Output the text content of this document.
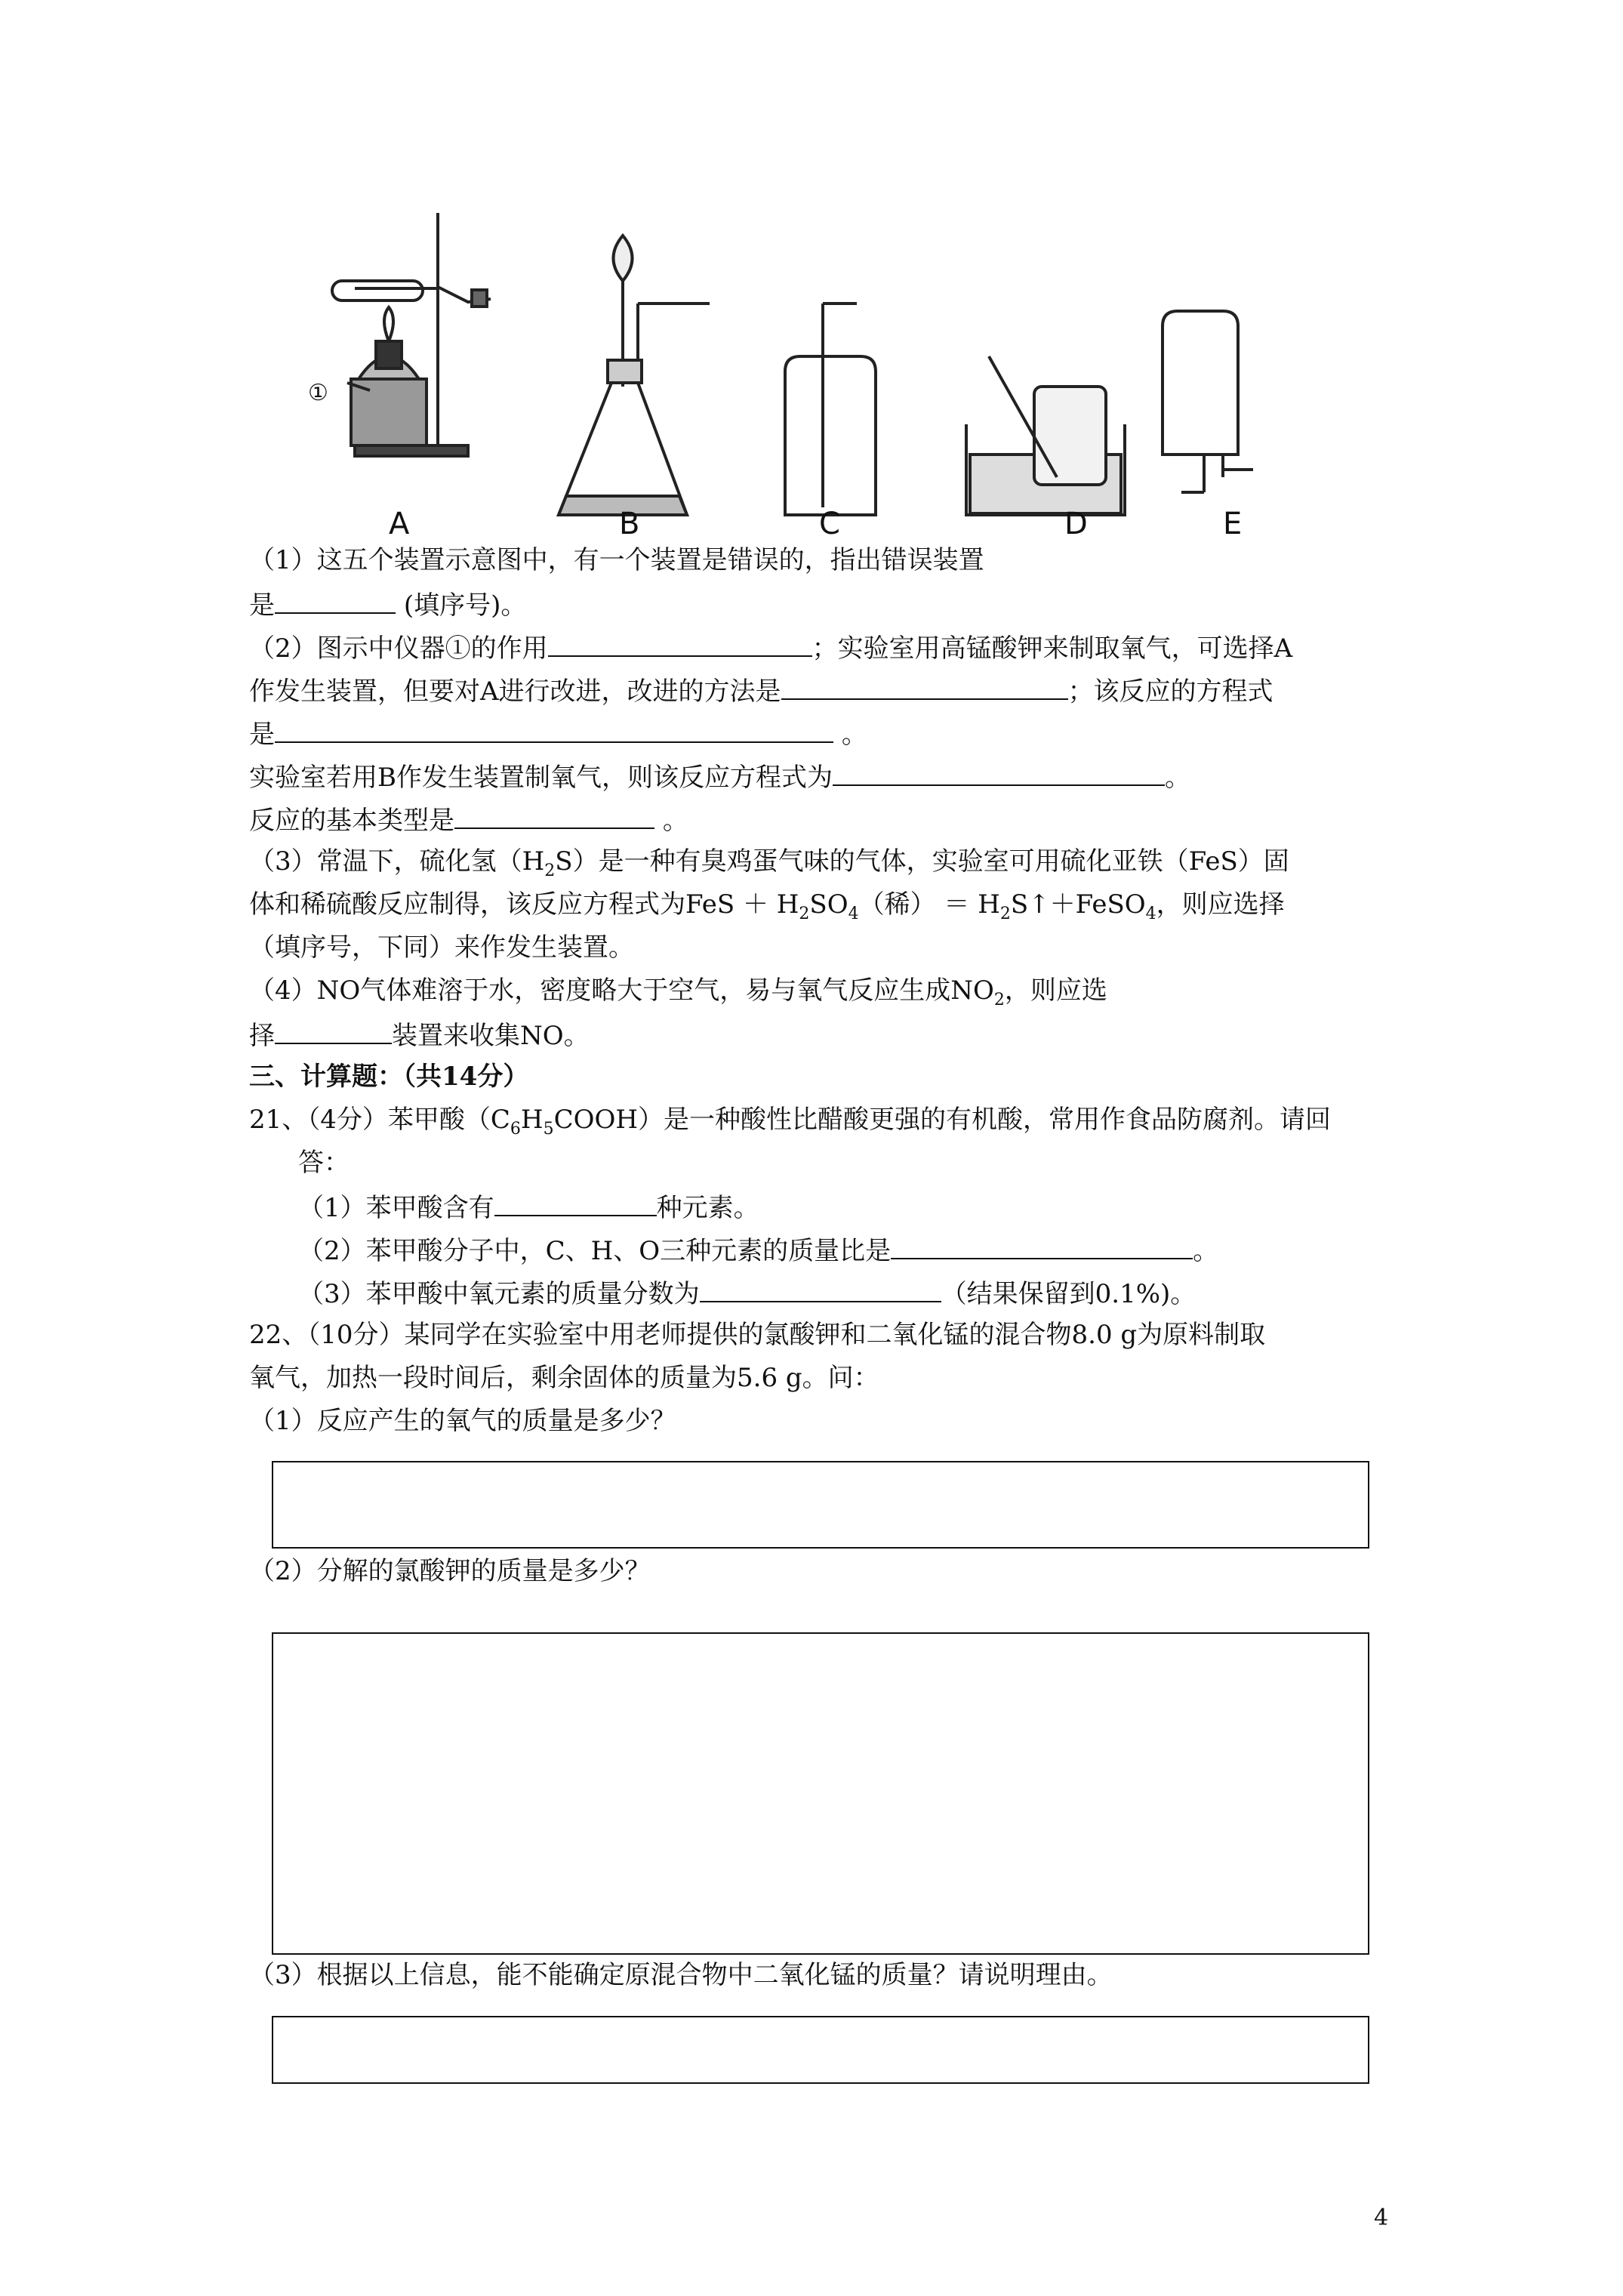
①
A	B	C	D	E
（1）这五个装置示意图中，有一个装置是错误的，指出错误装置
是	(填序号)。
（2）图示中仪器①的作用	；实验室用高锰酸钾来制取氧气，可选择A
作发生装置，但要对A进行改进，改进的方法是	；该反应的方程式
是	。
实验室若用B作发生装置制氧气，则该反应方程式为	。
反应的基本类型是	。
（3）常温下，硫化氢$(H_2S)$是一种有臭鸡蛋气味的气体，实验室可用硫化亚铁（FeS）固
体和稀硫酸反应制得，该反应方程式为FeS ＋ $H_2SO_4$（稀） ＝ $H_2S↑+FeSO_4$，则应选择
（填序号，下同）来作发生装置。
（4）NO气体难溶于水，密度略大于空气，易与氧气反应生成$NO_2$，则应选
择	装置来收集NO。
三、计算题：（共14分）
21、（4分）苯甲酸$(C_6H_5COOH)$是一种酸性比醋酸更强的有机酸，常用作食品防腐剂。请回
答：
（1）苯甲酸含有	种元素。
（2）苯甲酸分子中，C、H、O三种元素的质量比是	。
（3）苯甲酸中氧元素的质量分数为	（结果保留到0.1%)。
22、（10分）某同学在实验室中用老师提供的氯酸钾和二氧化锰的混合物8.0 g为原料制取
氧气，加热一段时间后，剩余固体的质量为5.6 g。问：
（1）反应产生的氧气的质量是多少？
（2）分解的氯酸钾的质量是多少？
（3）根据以上信息，能不能确定原混合物中二氧化锰的质量？请说明理由。
4
